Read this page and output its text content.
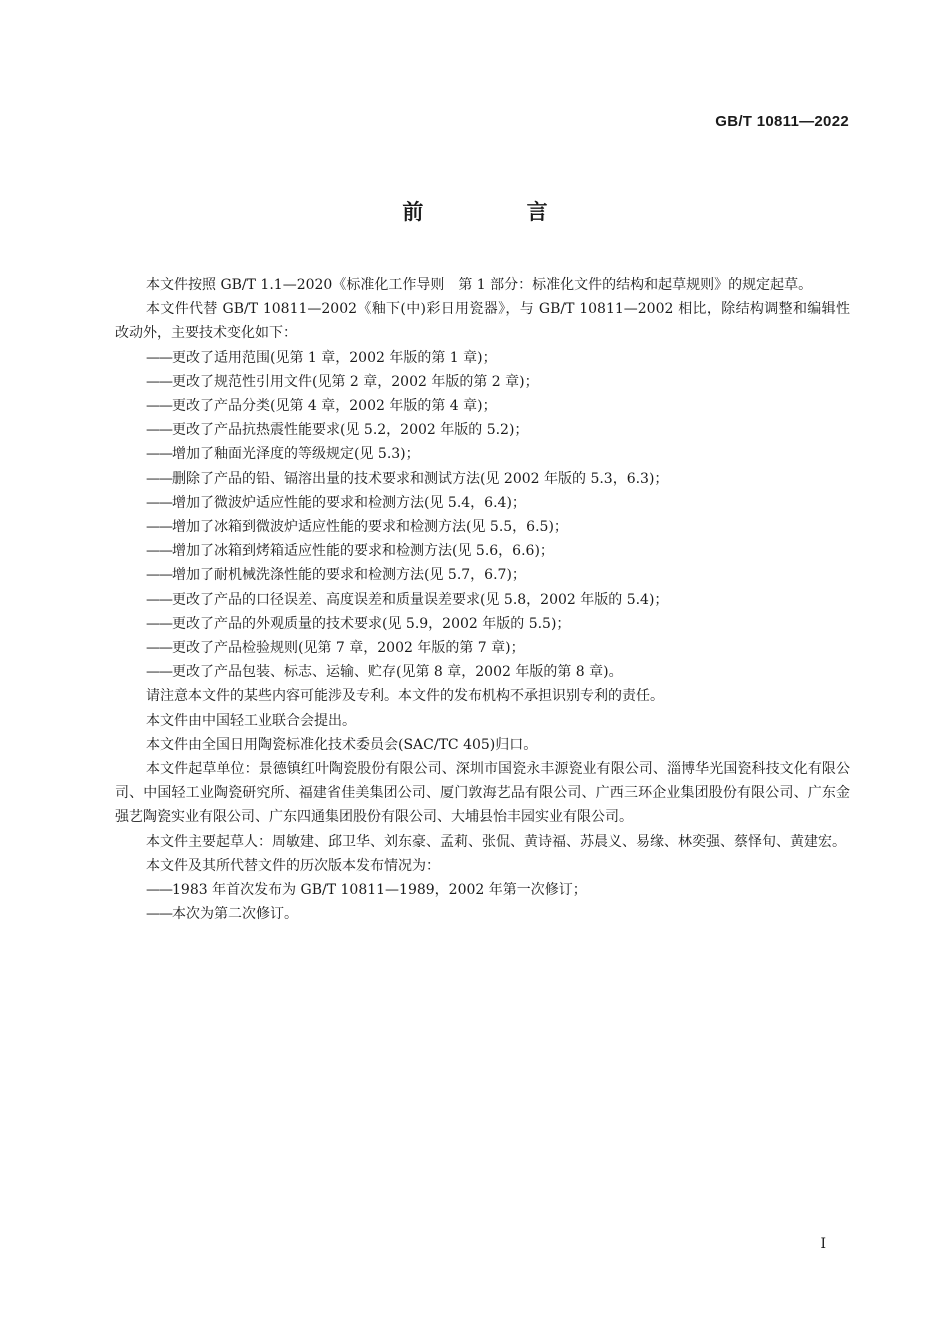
GB/T 10811—2022
前 言

本文件按照 GB/T 1.1—2020《标准化工作导则　第 1 部分：标准化文件的结构和起草规则》的规定起草。

本文件代替 GB/T 10811—2002《釉下(中)彩日用瓷器》，与 GB/T 10811—2002 相比，除结构调整和编辑性改动外，主要技术变化如下：

——更改了适用范围(见第 1 章，2002 年版的第 1 章)；

——更改了规范性引用文件(见第 2 章，2002 年版的第 2 章)；

——更改了产品分类(见第 4 章，2002 年版的第 4 章)；

——更改了产品抗热震性能要求(见 5.2，2002 年版的 5.2)；

——增加了釉面光泽度的等级规定(见 5.3)；

——删除了产品的铅、镉溶出量的技术要求和测试方法(见 2002 年版的 5.3，6.3)；

——增加了微波炉适应性能的要求和检测方法(见 5.4，6.4)；

——增加了冰箱到微波炉适应性能的要求和检测方法(见 5.5，6.5)；

——增加了冰箱到烤箱适应性能的要求和检测方法(见 5.6，6.6)；

——增加了耐机械洗涤性能的要求和检测方法(见 5.7，6.7)；

——更改了产品的口径误差、高度误差和质量误差要求(见 5.8，2002 年版的 5.4)；

——更改了产品的外观质量的技术要求(见 5.9，2002 年版的 5.5)；

——更改了产品检验规则(见第 7 章，2002 年版的第 7 章)；

——更改了产品包装、标志、运输、贮存(见第 8 章，2002 年版的第 8 章)。

请注意本文件的某些内容可能涉及专利。本文件的发布机构不承担识别专利的责任。

本文件由中国轻工业联合会提出。

本文件由全国日用陶瓷标准化技术委员会(SAC/TC 405)归口。

本文件起草单位：景德镇红叶陶瓷股份有限公司、深圳市国瓷永丰源瓷业有限公司、淄博华光国瓷科技文化有限公司、中国轻工业陶瓷研究所、福建省佳美集团公司、厦门敦海艺品有限公司、广西三环企业集团股份有限公司、广东金强艺陶瓷实业有限公司、广东四通集团股份有限公司、大埔县怡丰园实业有限公司。

本文件主要起草人：周敏建、邱卫华、刘东豪、孟莉、张侃、黄诗福、苏晨义、易缘、林奕强、蔡怿旬、黄建宏。

本文件及其所代替文件的历次版本发布情况为：

——1983 年首次发布为 GB/T 10811—1989，2002 年第一次修订；

——本次为第二次修订。

I
